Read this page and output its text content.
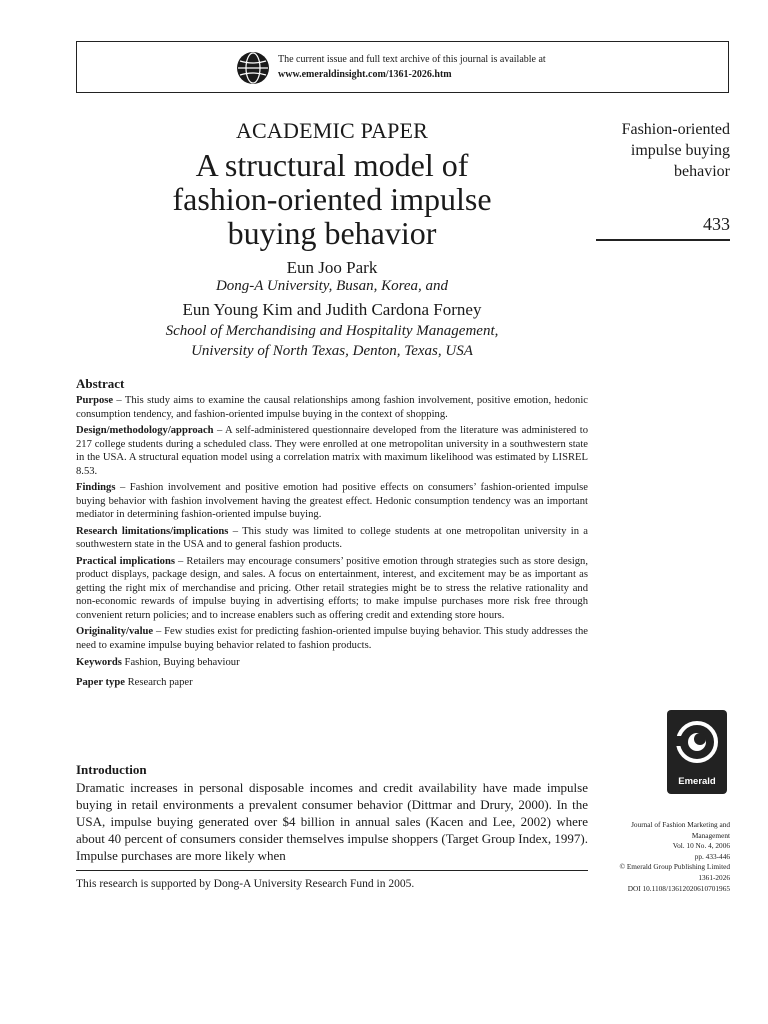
The current issue and full text archive of this journal is available at
www.emeraldinsight.com/1361-2026.htm
ACADEMIC PAPER
A structural model of
fashion-oriented impulse
buying behavior
Eun Joo Park
Dong-A University, Busan, Korea, and
Eun Young Kim and Judith Cardona Forney
School of Merchandising and Hospitality Management,
University of North Texas, Denton, Texas, USA
Fashion-oriented
impulse buying
behavior
433
Abstract
Purpose – This study aims to examine the causal relationships among fashion involvement, positive emotion, hedonic consumption tendency, and fashion-oriented impulse buying in the context of shopping.
Design/methodology/approach – A self-administered questionnaire developed from the literature was administered to 217 college students during a scheduled class. They were enrolled at one metropolitan university in a southwestern state in the USA. A structural equation model using a correlation matrix with maximum likelihood was estimated by LISREL 8.53.
Findings – Fashion involvement and positive emotion had positive effects on consumers’ fashion-oriented impulse buying behavior with fashion involvement having the greatest effect. Hedonic consumption tendency was an important mediator in determining fashion-oriented impulse buying.
Research limitations/implications – This study was limited to college students at one metropolitan university in a southwestern state in the USA and to general fashion products.
Practical implications – Retailers may encourage consumers’ positive emotion through strategies such as store design, product displays, package design, and sales. A focus on entertainment, interest, and excitement may be as important as getting the right mix of merchandise and pricing. Other retail strategies might be to stress the relative rationality and non-economic rewards of impulse buying in advertising efforts; to make impulse purchases more risk free through convenient return policies; and to increase enablers such as offering credit and extending store hours.
Originality/value – Few studies exist for predicting fashion-oriented impulse buying behavior. This study addresses the need to examine impulse buying behavior related to fashion products.
Keywords Fashion, Buying behaviour
Paper type Research paper
Introduction
Dramatic increases in personal disposable incomes and credit availability have made impulse buying in retail environments a prevalent consumer behavior (Dittmar and Drury, 2000). In the USA, impulse buying generated over $4 billion in annual sales (Kacen and Lee, 2002) where about 40 percent of consumers consider themselves impulse shoppers (Target Group Index, 1997). Impulse purchases are more likely when
This research is supported by Dong-A University Research Fund in 2005.
Emerald
Journal of Fashion Marketing and
Management
Vol. 10 No. 4, 2006
pp. 433-446
© Emerald Group Publishing Limited
1361-2026
DOI 10.1108/13612020610701965
